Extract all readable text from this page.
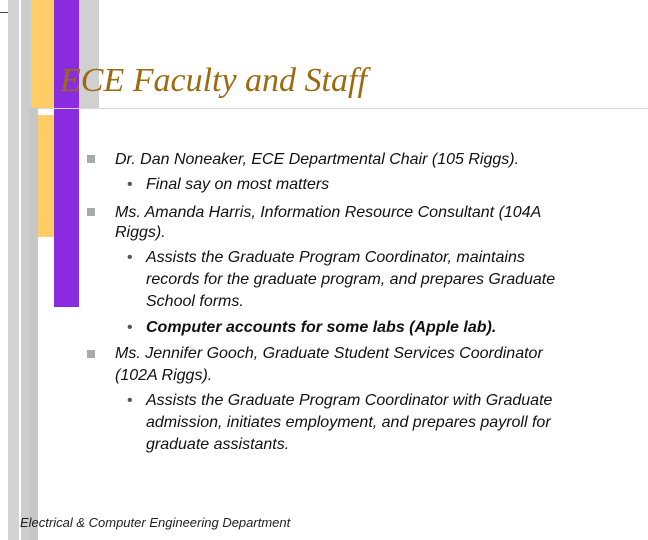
ECE Faculty and Staff
Dr. Dan Noneaker, ECE Departmental Chair (105 Riggs).
• Final say on most matters
Ms. Amanda Harris, Information Resource Consultant (104A
Riggs).
• Assists the Graduate Program Coordinator, maintains
records for the graduate program, and prepares Graduate
School forms.
• Computer accounts for some labs (Apple lab).
Ms. Jennifer Gooch, Graduate Student Services Coordinator
(102A Riggs).
• Assists the Graduate Program Coordinator with Graduate
admission, initiates employment, and prepares payroll for
graduate assistants.
Electrical & Computer Engineering Department
